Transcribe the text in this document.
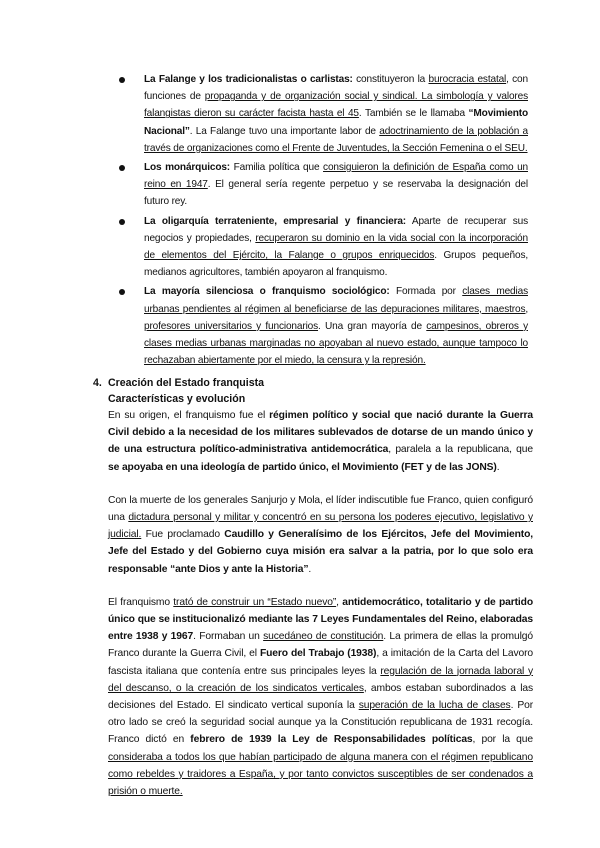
La Falange y los tradicionalistas o carlistas: constituyeron la burocracia estatal, con funciones de propaganda y de organización social y sindical. La simbología y valores falangistas dieron su carácter facista hasta el 45. También se le llamaba “Movimiento Nacional”. La Falange tuvo una importante labor de adoctrinamiento de la población a través de organizaciones como el Frente de Juventudes, la Sección Femenina o el SEU.
Los monárquicos: Familia política que consiguieron la definición de España como un reino en 1947. El general sería regente perpetuo y se reservaba la designación del futuro rey.
La oligarquía terrateniente, empresarial y financiera: Aparte de recuperar sus negocios y propiedades, recuperaron su dominio en la vida social con la incorporación de elementos del Ejército, la Falange o grupos enriquecidos. Grupos pequeños, medianos agricultores, también apoyaron al franquismo.
La mayoría silenciosa o franquismo sociológico: Formada por clases medias urbanas pendientes al régimen al beneficiarse de las depuraciones militares, maestros, profesores universitarios y funcionarios. Una gran mayoría de campesinos, obreros y clases medias urbanas marginadas no apoyaban al nuevo estado, aunque tampoco lo rechazaban abiertamente por el miedo, la censura y la represión.
4. Creación del Estado franquista
Características y evolución
En su origen, el franquismo fue el régimen político y social que nació durante la Guerra Civil debido a la necesidad de los militares sublevados de dotarse de un mando único y de una estructura político-administrativa antidemocrática, paralela a la republicana, que se apoyaba en una ideología de partido único, el Movimiento (FET y de las JONS).
Con la muerte de los generales Sanjurjo y Mola, el líder indiscutible fue Franco, quien configuró una dictadura personal y militar y concentró en su persona los poderes ejecutivo, legislativo y judicial. Fue proclamado Caudillo y Generalísimo de los Ejércitos, Jefe del Movimiento, Jefe del Estado y del Gobierno cuya misión era salvar a la patria, por lo que solo era responsable “ante Dios y ante la Historia”.
El franquismo trató de construir un “Estado nuevo”, antidemocrático, totalitario y de partido único que se institucionalizó mediante las 7 Leyes Fundamentales del Reino, elaboradas entre 1938 y 1967. Formaban un sucedáneo de constitución. La primera de ellas la promulgó Franco durante la Guerra Civil, el Fuero del Trabajo (1938), a imitación de la Carta del Lavoro fascista italiana que contenía entre sus principales leyes la regulación de la jornada laboral y del descanso, o la creación de los sindicatos verticales, ambos estaban subordinados a las decisiones del Estado. El sindicato vertical suponía la superación de la lucha de clases. Por otro lado se creó la seguridad social aunque ya la Constitución republicana de 1931 recogía. Franco dictó en febrero de 1939 la Ley de Responsabilidades políticas, por la que consideraba a todos los que habían participado de alguna manera con el régimen republicano como rebeldes y traidores a España, y por tanto convictos susceptibles de ser condenados a prisión o muerte.
